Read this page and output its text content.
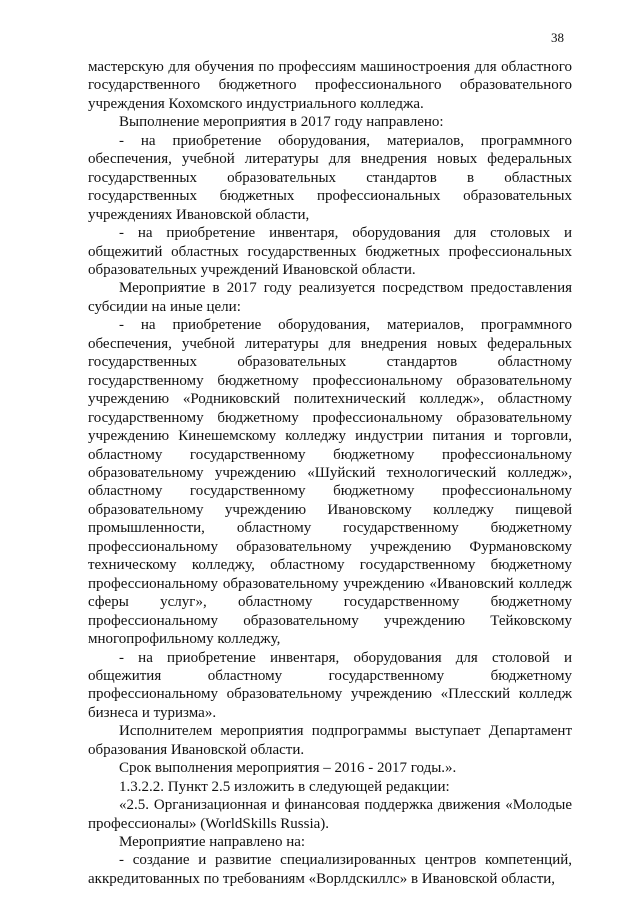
38

мастерскую для обучения по профессиям машиностроения для областного государственного бюджетного профессионального образовательного учреждения Кохомского индустриального колледжа.

Выполнение мероприятия в 2017 году направлено:

- на приобретение оборудования, материалов, программного обеспечения, учебной литературы для внедрения новых федеральных государственных образовательных стандартов в областных государственных бюджетных профессиональных образовательных учреждениях Ивановской области,

- на приобретение инвентаря, оборудования для столовых и общежитий областных государственных бюджетных профессиональных образовательных учреждений Ивановской области.

Мероприятие в 2017 году реализуется посредством предоставления субсидии на иные цели:

- на приобретение оборудования, материалов, программного обеспечения, учебной литературы для внедрения новых федеральных государственных образовательных стандартов областному государственному бюджетному профессиональному образовательному учреждению «Родниковский политехнический колледж», областному государственному бюджетному профессиональному образовательному учреждению Кинешемскому колледжу индустрии питания и торговли, областному государственному бюджетному профессиональному образовательному учреждению «Шуйский технологический колледж», областному государственному бюджетному профессиональному образовательному учреждению Ивановскому колледжу пищевой промышленности, областному государственному бюджетному профессиональному образовательному учреждению Фурмановскому техническому колледжу, областному государственному бюджетному профессиональному образовательному учреждению «Ивановский колледж сферы услуг», областному государственному бюджетному профессиональному образовательному учреждению Тейковскому многопрофильному колледжу,

- на приобретение инвентаря, оборудования для столовой и общежития областному государственному бюджетному профессиональному образовательному учреждению «Плесский колледж бизнеса и туризма».

Исполнителем мероприятия подпрограммы выступает Департамент образования Ивановской области.

Срок выполнения мероприятия – 2016 - 2017 годы.».

1.3.2.2. Пункт 2.5 изложить в следующей редакции:

«2.5. Организационная и финансовая поддержка движения «Молодые профессионалы» (WorldSkills Russia).

Мероприятие направлено на:

- создание и развитие специализированных центров компетенций, аккредитованных по требованиям «Ворлдскиллс» в Ивановской области,
